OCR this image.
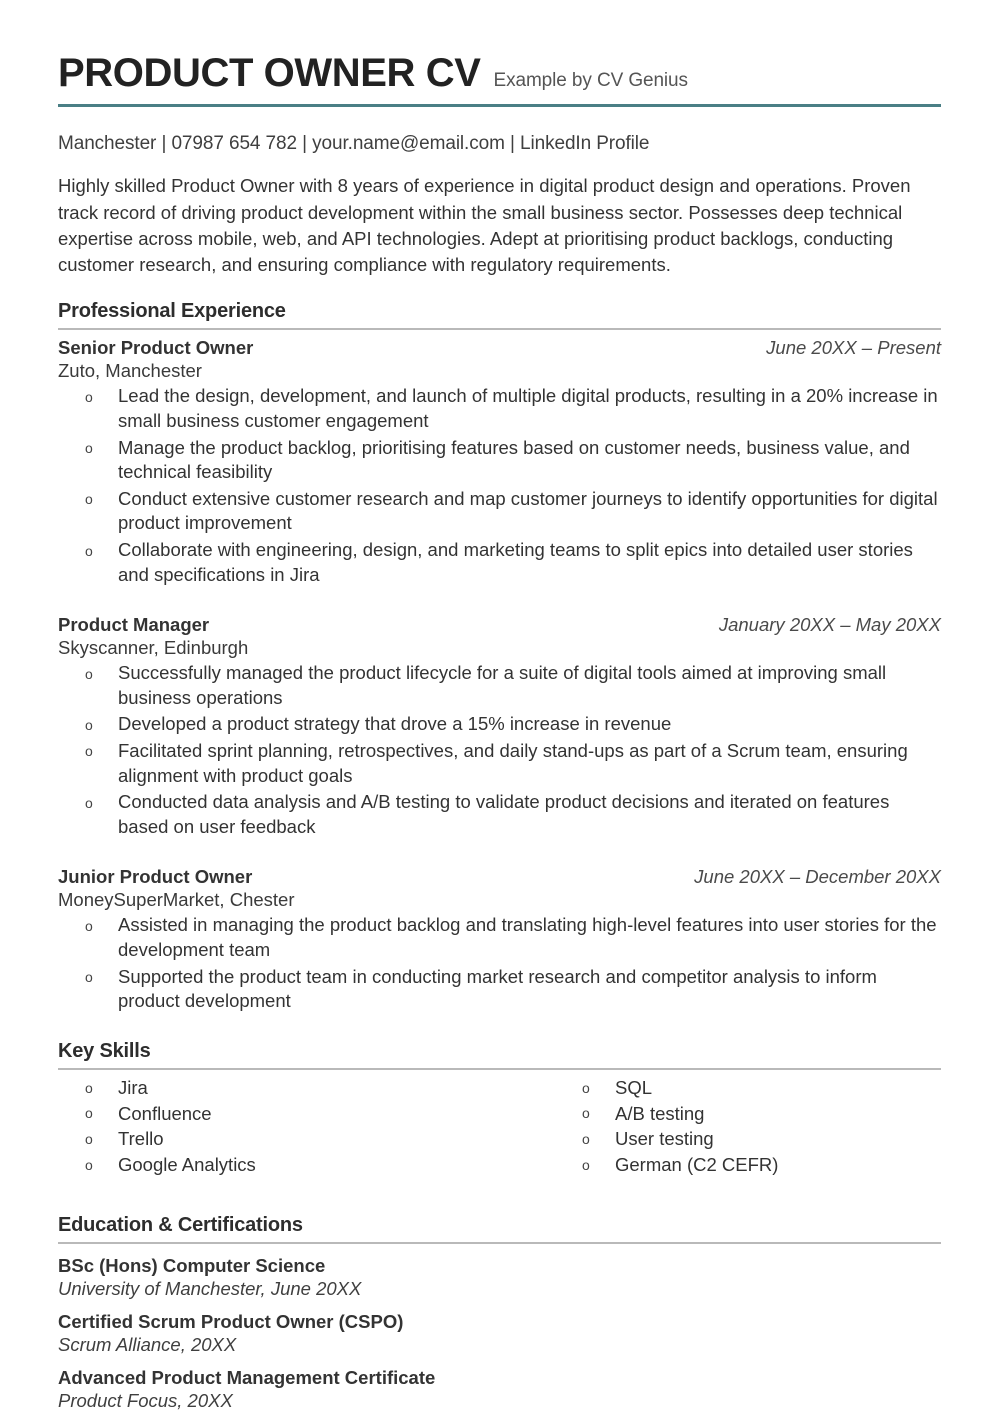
PRODUCT OWNER CV Example by CV Genius
Manchester | 07987 654 782 | your.name@email.com | LinkedIn Profile
Highly skilled Product Owner with 8 years of experience in digital product design and operations. Proven track record of driving product development within the small business sector. Possesses deep technical expertise across mobile, web, and API technologies. Adept at prioritising product backlogs, conducting customer research, and ensuring compliance with regulatory requirements.
Professional Experience
Senior Product Owner	June 20XX – Present
Zuto, Manchester
o Lead the design, development, and launch of multiple digital products, resulting in a 20% increase in small business customer engagement
o Manage the product backlog, prioritising features based on customer needs, business value, and technical feasibility
o Conduct extensive customer research and map customer journeys to identify opportunities for digital product improvement
o Collaborate with engineering, design, and marketing teams to split epics into detailed user stories and specifications in Jira
Product Manager	January 20XX – May 20XX
Skyscanner, Edinburgh
o Successfully managed the product lifecycle for a suite of digital tools aimed at improving small business operations
o Developed a product strategy that drove a 15% increase in revenue
o Facilitated sprint planning, retrospectives, and daily stand-ups as part of a Scrum team, ensuring alignment with product goals
o Conducted data analysis and A/B testing to validate product decisions and iterated on features based on user feedback
Junior Product Owner	June 20XX – December 20XX
MoneySuperMarket, Chester
o Assisted in managing the product backlog and translating high-level features into user stories for the development team
o Supported the product team in conducting market research and competitor analysis to inform product development
Key Skills
o Jira
o Confluence
o Trello
o Google Analytics
o SQL
o A/B testing
o User testing
o German (C2 CEFR)
Education & Certifications
BSc (Hons) Computer Science
University of Manchester, June 20XX
Certified Scrum Product Owner (CSPO)
Scrum Alliance, 20XX
Advanced Product Management Certificate
Product Focus, 20XX
